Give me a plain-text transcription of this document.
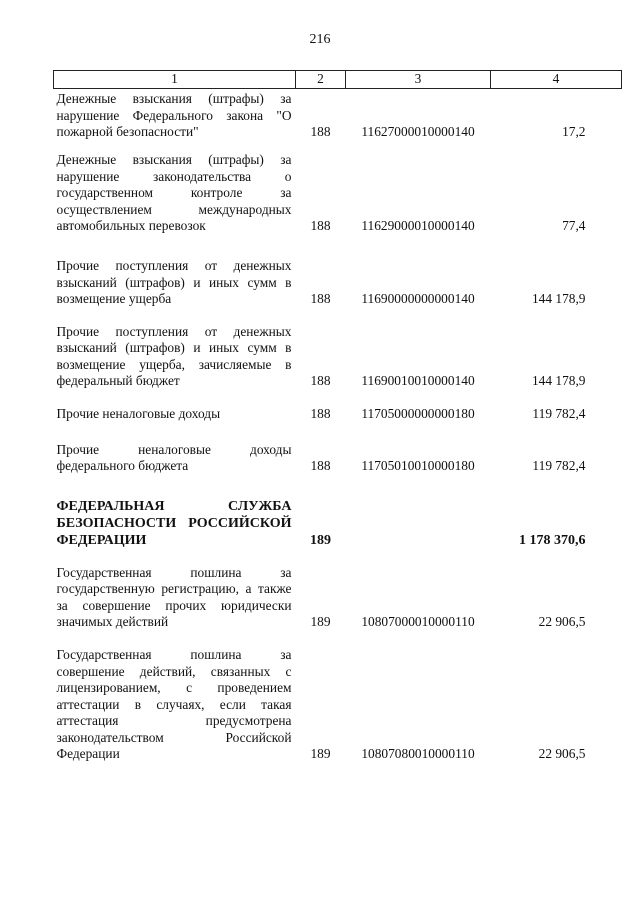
216
1	2	3	4
Денежные взыскания (штрафы) за нарушение Федерального закона "О пожарной безопасности"	188	11627000010000140	17,2
Денежные взыскания (штрафы) за нарушение законодательства о государственном контроле за осуществлением международных автомобильных перевозок	188	11629000010000140	77,4
Прочие поступления от денежных взысканий (штрафов) и иных сумм в возмещение ущерба	188	11690000000000140	144 178,9
Прочие поступления от денежных взысканий (штрафов) и иных сумм в возмещение ущерба, зачисляемые в федеральный бюджет	188	11690010010000140	144 178,9
Прочие неналоговые доходы	188	11705000000000180	119 782,4
Прочие неналоговые доходы федерального бюджета	188	11705010010000180	119 782,4
ФЕДЕРАЛЬНАЯ СЛУЖБА БЕЗОПАСНОСТИ РОССИЙСКОЙ ФЕДЕРАЦИИ	189		1 178 370,6
Государственная пошлина за государственную регистрацию, а также за совершение прочих юридически значимых действий	189	10807000010000110	22 906,5
Государственная пошлина за совершение действий, связанных с лицензированием, с проведением аттестации в случаях, если такая аттестация предусмотрена законодательством Российской Федерации	189	10807080010000110	22 906,5
